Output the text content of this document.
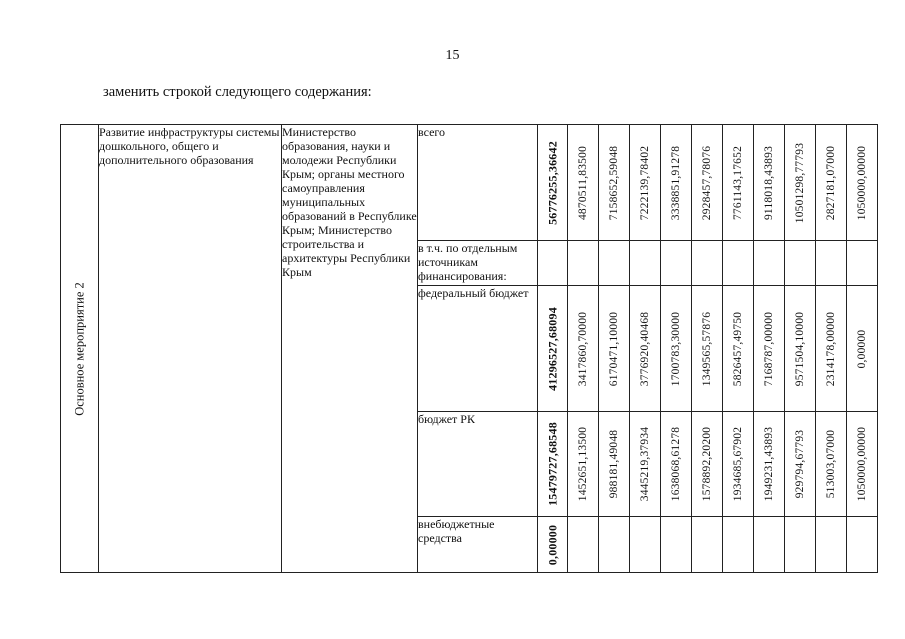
15
заменить строкой следующего содержания:
Основное мероприятие 2	Развитие инфраструктуры системы дошкольного, общего и дополнительного образования	Министерство образования, науки и молодежи Республики Крым; органы местного самоуправления муниципальных образований в Республике Крым; Министерство строительства и архитектуры Республики Крым	всего	56776255,36642	4870511,83500	7158652,59048	7222139,78402	3338851,91278	2928457,78076	7761143,17652	9118018,43893	10501298,77793	2827181,07000	1050000,00000

			в т.ч. по отдельным источникам финансирования:	

			федеральный бюджет	41296527,68094	3417860,70000	6170471,10000	3776920,40468	1700783,30000	1349565,57876	5826457,49750	7168787,00000	9571504,10000	2314178,00000	0,00000

			бюджет РК	15479727,68548	1452651,13500	988181,49048	3445219,37934	1638068,61278	1578892,20200	1934685,67902	1949231,43893	929794,67793	513003,07000	1050000,00000

			внебюджетные средства	0,00000										
